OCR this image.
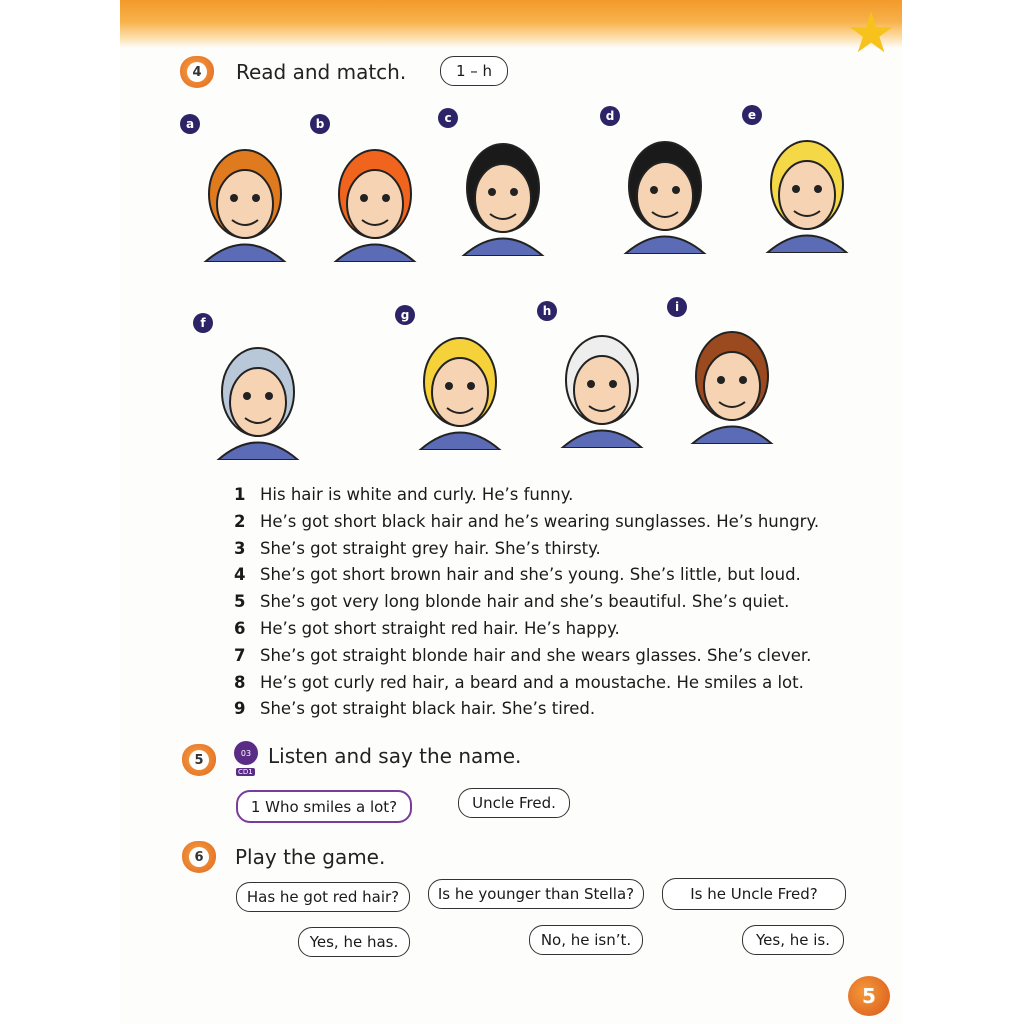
★
4 Read and match.	1 – h
a	b	c	d	e
f
g	h	i
1 His hair is white and curly. He’s funny.
2 He’s got short black hair and he’s wearing sunglasses. He’s hungry.
3 She’s got straight grey hair. She’s thirsty.
4 She’s got short brown hair and she’s young. She’s little, but loud.
5 She’s got very long blonde hair and she’s beautiful. She’s quiet.
6 He’s got short straight red hair. He’s happy.
7 She’s got straight blonde hair and she wears glasses. She’s clever.
8 He’s got curly red hair, a beard and a moustache. He smiles a lot.
9 She’s got straight black hair. She’s tired.
5	03
CD1
Listen and say the name.
1 Who smiles a lot?	Uncle Fred.
6 Play the game.
Has he got red hair?	Is he younger than Stella?	Is he Uncle Fred?
Yes, he has.	No, he isn’t.	Yes, he is.
5
